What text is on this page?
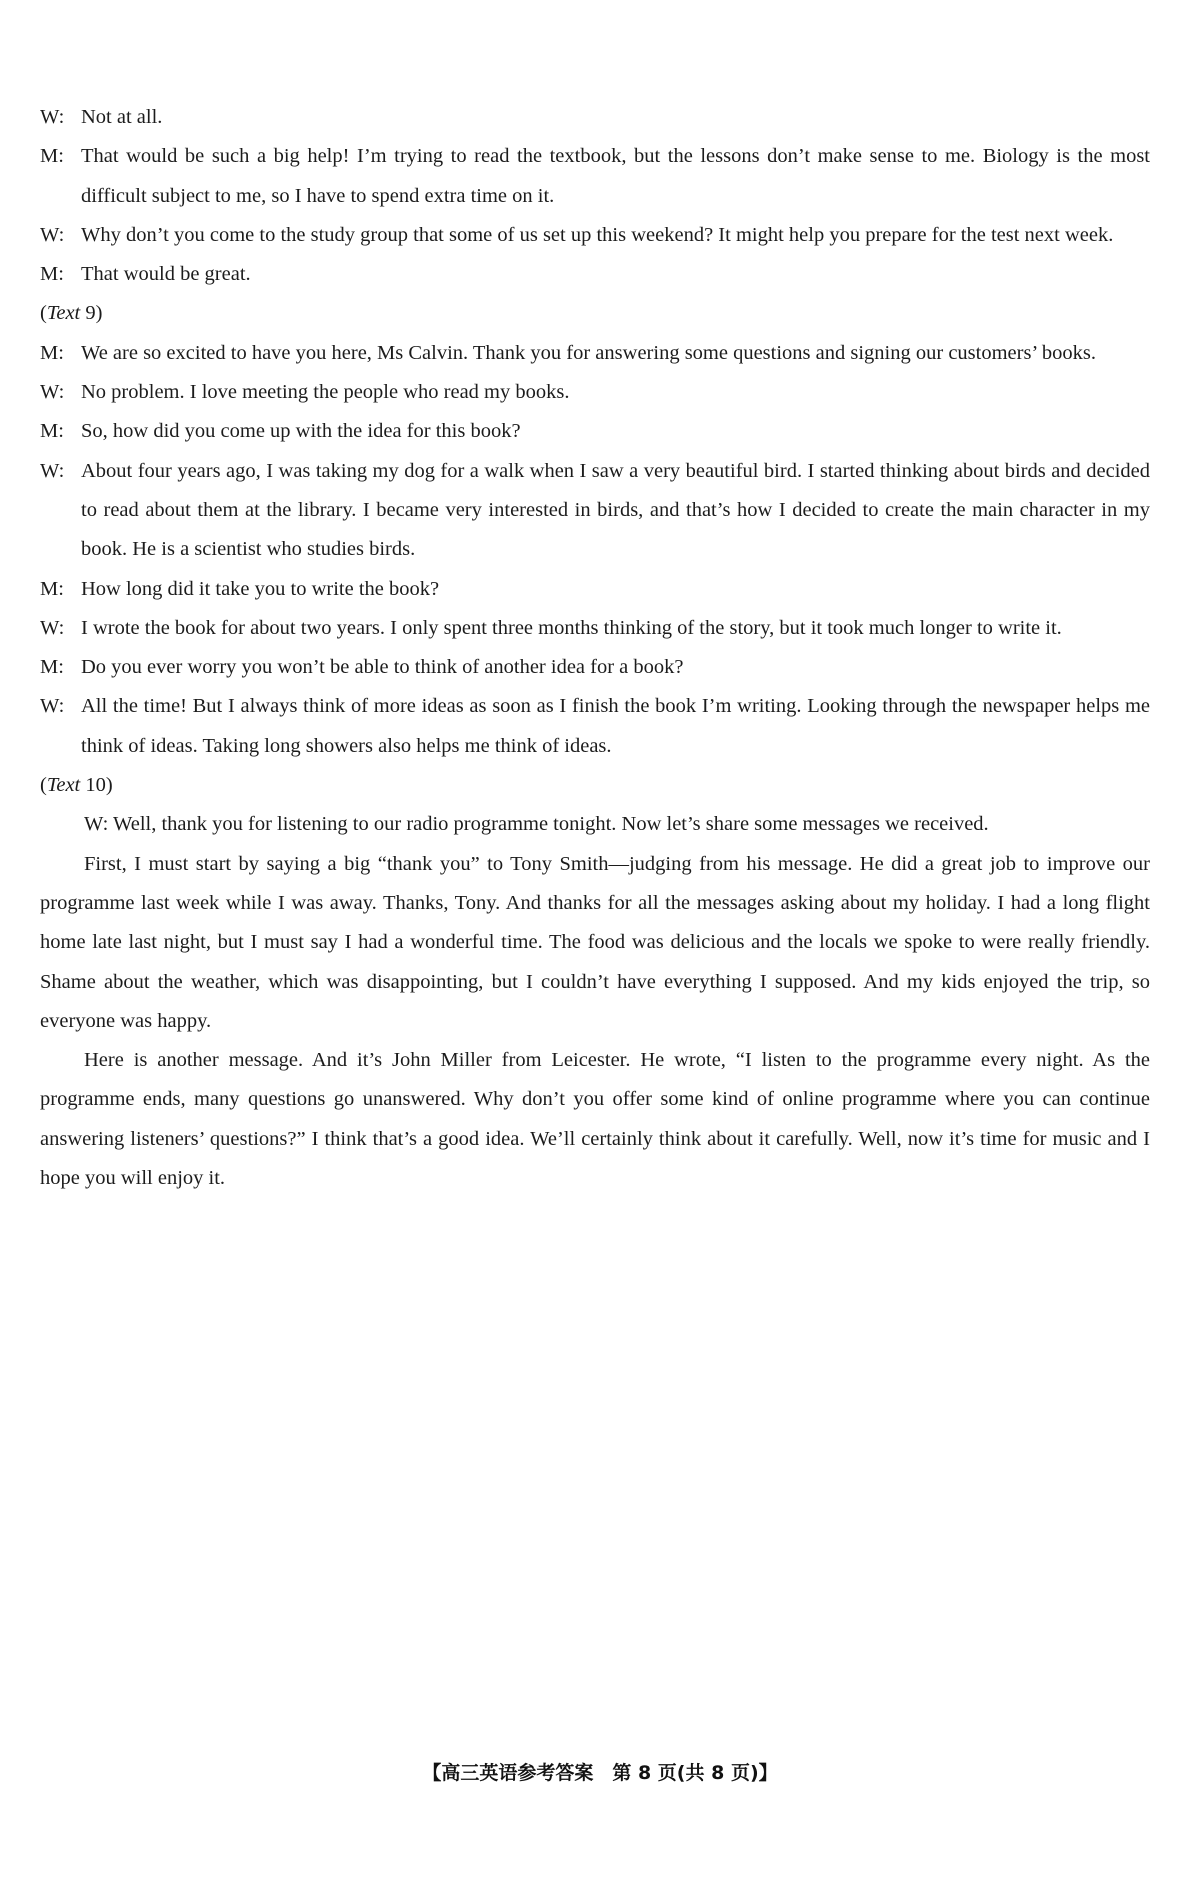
W: Not at all.

M: That would be such a big help! I’m trying to read the textbook, but the lessons don’t make sense to me. Biology is the most difficult subject to me, so I have to spend extra time on it.

W: Why don’t you come to the study group that some of us set up this weekend? It might help you prepare for the test next week.

M: That would be great.

(Text 9)

M: We are so excited to have you here, Ms Calvin. Thank you for answering some questions and signing our customers’ books.

W: No problem. I love meeting the people who read my books.

M: So, how did you come up with the idea for this book?

W: About four years ago, I was taking my dog for a walk when I saw a very beautiful bird. I started thinking about birds and decided to read about them at the library. I became very interested in birds, and that’s how I decided to create the main character in my book. He is a scientist who studies birds.

M: How long did it take you to write the book?

W: I wrote the book for about two years. I only spent three months thinking of the story, but it took much longer to write it.

M: Do you ever worry you won’t be able to think of another idea for a book?

W: All the time! But I always think of more ideas as soon as I finish the book I’m writing. Looking through the newspaper helps me think of ideas. Taking long showers also helps me think of ideas.

(Text 10)

W: Well, thank you for listening to our radio programme tonight. Now let’s share some messages we received.

First, I must start by saying a big “thank you” to Tony Smith—judging from his message. He did a great job to improve our programme last week while I was away. Thanks, Tony. And thanks for all the messages asking about my holiday. I had a long flight home late last night, but I must say I had a wonderful time. The food was delicious and the locals we spoke to were really friendly. Shame about the weather, which was disappointing, but I couldn’t have everything I supposed. And my kids enjoyed the trip, so everyone was happy.

Here is another message. And it’s John Miller from Leicester. He wrote, “I listen to the programme every night. As the programme ends, many questions go unanswered. Why don’t you offer some kind of online programme where you can continue answering listeners’ questions?” I think that’s a good idea. We’ll certainly think about it carefully. Well, now it’s time for music and I hope you will enjoy it.

【高三英语参考答案　第 8 页(共 8 页)】
